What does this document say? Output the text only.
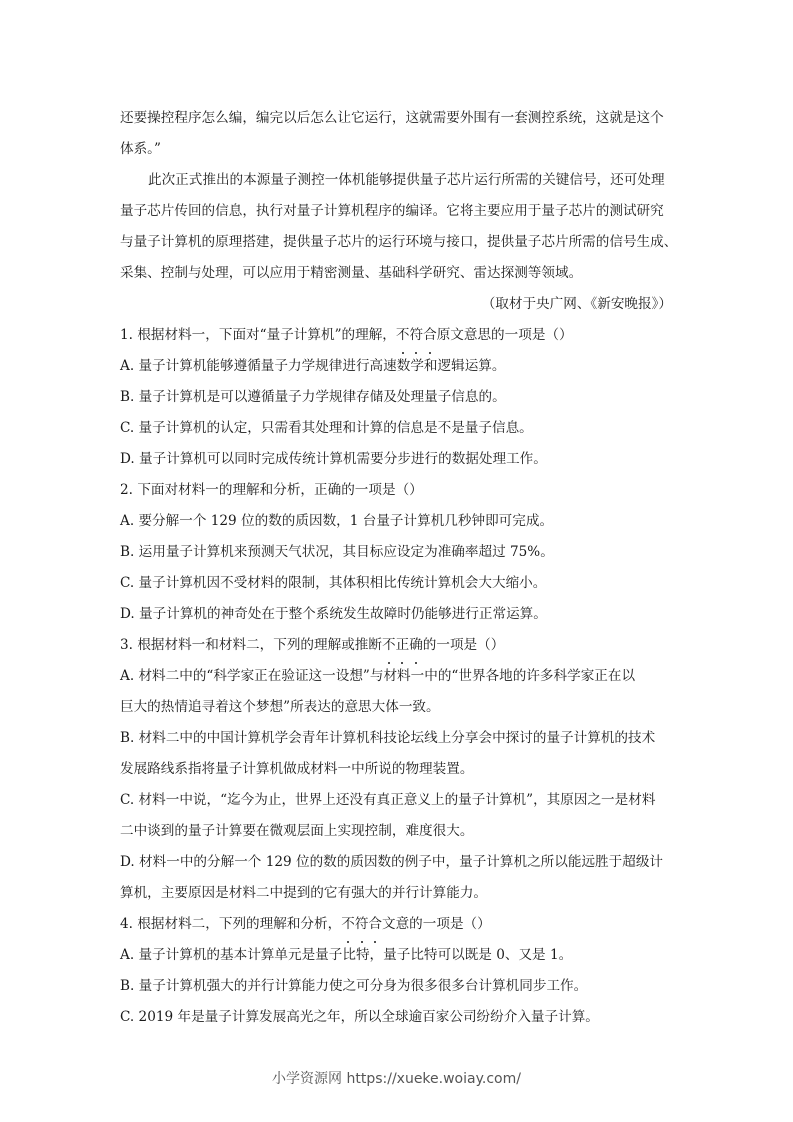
还要操控程序怎么编，编完以后怎么让它运行，这就需要外围有一套测控系统，这就是这个
体系。”
此次正式推出的本源量子测控一体机能够提供量子芯片运行所需的关键信号，还可处理
量子芯片传回的信息，执行对量子计算机程序的编译。它将主要应用于量子芯片的测试研究
与量子计算机的原理搭建，提供量子芯片的运行环境与接口，提供量子芯片所需的信号生成、
采集、控制与处理，可以应用于精密测量、基础科学研究、雷达探测等领域。
（取材于央广网、《新安晚报》）
1. 根据材料一，下面对“量子计算机”的理解，不符合原文意思的一项是（）
A. 量子计算机能够遵循量子力学规律进行高速数学和逻辑运算。
B. 量子计算机是可以遵循量子力学规律存储及处理量子信息的。
C. 量子计算机的认定，只需看其处理和计算的信息是不是量子信息。
D. 量子计算机可以同时完成传统计算机需要分步进行的数据处理工作。
2. 下面对材料一的理解和分析，正确的一项是（）
A. 要分解一个 129 位的数的质因数，1 台量子计算机几秒钟即可完成。
B. 运用量子计算机来预测天气状况，其目标应设定为准确率超过 75%。
C. 量子计算机因不受材料的限制，其体积相比传统计算机会大大缩小。
D. 量子计算机的神奇处在于整个系统发生故障时仍能够进行正常运算。
3. 根据材料一和材料二，下列的理解或推断不正确的一项是（）
A. 材料二中的“科学家正在验证这一设想”与材料一中的“世界各地的许多科学家正在以
巨大的热情追寻着这个梦想”所表达的意思大体一致。
B. 材料二中的中国计算机学会青年计算机科技论坛线上分享会中探讨的量子计算机的技术
发展路线系指将量子计算机做成材料一中所说的物理装置。
C. 材料一中说，“迄今为止，世界上还没有真正意义上的量子计算机”，其原因之一是材料
二中谈到的量子计算要在微观层面上实现控制，难度很大。
D. 材料一中的分解一个 129 位的数的质因数的例子中，量子计算机之所以能远胜于超级计
算机，主要原因是材料二中提到的它有强大的并行计算能力。
4. 根据材料二，下列的理解和分析，不符合文意的一项是（）
A. 量子计算机的基本计算单元是量子比特，量子比特可以既是 0、又是 1。
B. 量子计算机强大的并行计算能力使之可分身为很多很多台计算机同步工作。
C. 2019 年是量子计算发展高光之年，所以全球逾百家公司纷纷介入量子计算。
小学资源网 https://xueke.woiay.com/
